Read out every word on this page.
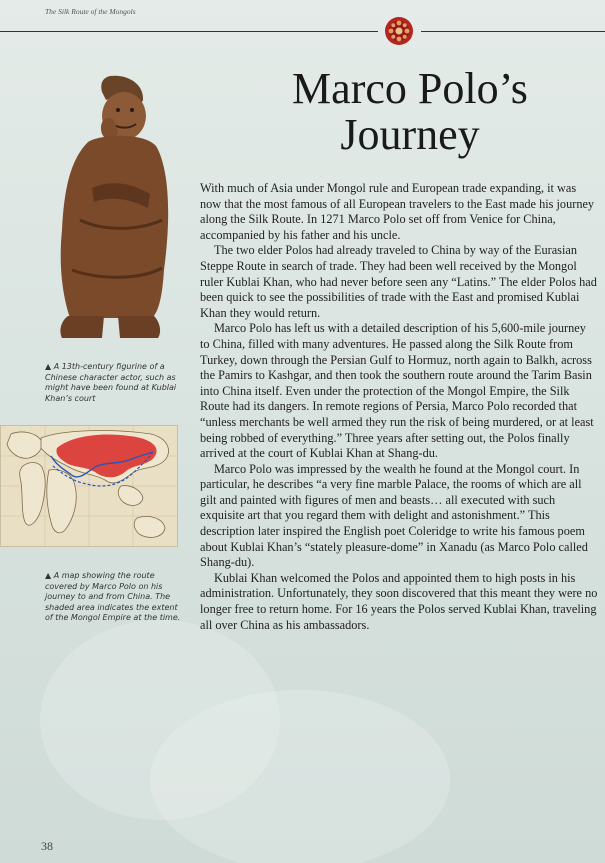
The Silk Route of the Mongols
Marco Polo’s
Journey
▲ A 13th-century figurine of a Chinese character actor, such as might have been found at Kublai Khan’s court
▲ A map showing the route covered by Marco Polo on his journey to and from China. The shaded area indicates the extent of the Mongol Empire at the time.

With much of Asia under Mongol rule and European trade expanding, it was now that the most famous of all European travelers to the East made his journey along the Silk Route. In 1271 Marco Polo set off from Venice for China, accompanied by his father and his uncle.

The two elder Polos had already traveled to China by way of the Eurasian Steppe Route in search of trade. They had been well received by the Mongol ruler Kublai Khan, who had never before seen any “Latins.” The elder Polos had been quick to see the possibilities of trade with the East and promised Kublai Khan they would return.

Marco Polo has left us with a detailed description of his 5,600-mile journey to China, filled with many adventures. He passed along the Silk Route from Turkey, down through the Persian Gulf to Hormuz, north again to Balkh, across the Pamirs to Kashgar, and then took the southern route around the Tarim Basin into China itself. Even under the protection of the Mongol Empire, the Silk Route had its dangers. In remote regions of Persia, Marco Polo recorded that “unless merchants be well armed they run the risk of being murdered, or at least being robbed of everything.” Three years after setting out, the Polos finally arrived at the court of Kublai Khan at Shang-du.

Marco Polo was impressed by the wealth he found at the Mongol court. In particular, he describes “a very fine marble Palace, the rooms of which are all gilt and painted with figures of men and beasts… all executed with such exquisite art that you regard them with delight and astonishment.” This description later inspired the English poet Coleridge to write his famous poem about Kublai Khan’s “stately pleasure-dome” in Xanadu (as Marco Polo called Shang-du).

Kublai Khan welcomed the Polos and appointed them to high posts in his administration. Unfortunately, they soon discovered that this meant they were no longer free to return home. For 16 years the Polos served Kublai Khan, traveling all over China as his ambassadors.

38
